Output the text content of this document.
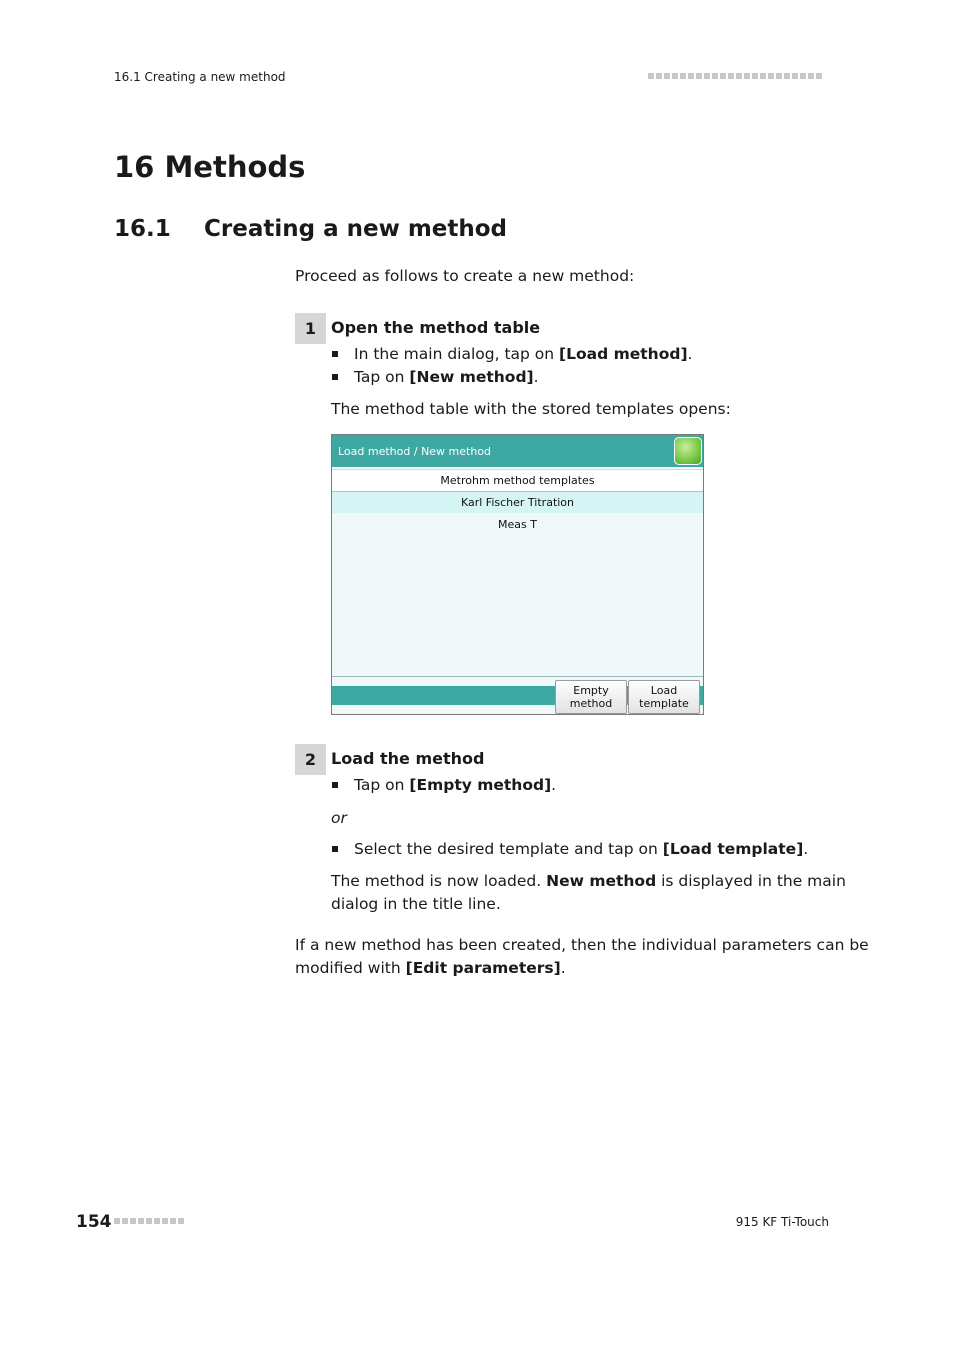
16.1 Creating a new method
16 Methods
16.1 Creating a new method
Proceed as follows to create a new method:
1 Open the method table
In the main dialog, tap on [Load method].
Tap on [New method].
The method table with the stored templates opens:
Load method / New method
Metrohm method templates
Karl Fischer Titration
Meas T
Empty
method
Load
template
2 Load the method
Tap on [Empty method].
or
Select the desired template and tap on [Load template].
The method is now loaded. New method is displayed in the main
dialog in the title line.
If a new method has been created, then the individual parameters can be
modified with [Edit parameters].
154	915 KF Ti-Touch
